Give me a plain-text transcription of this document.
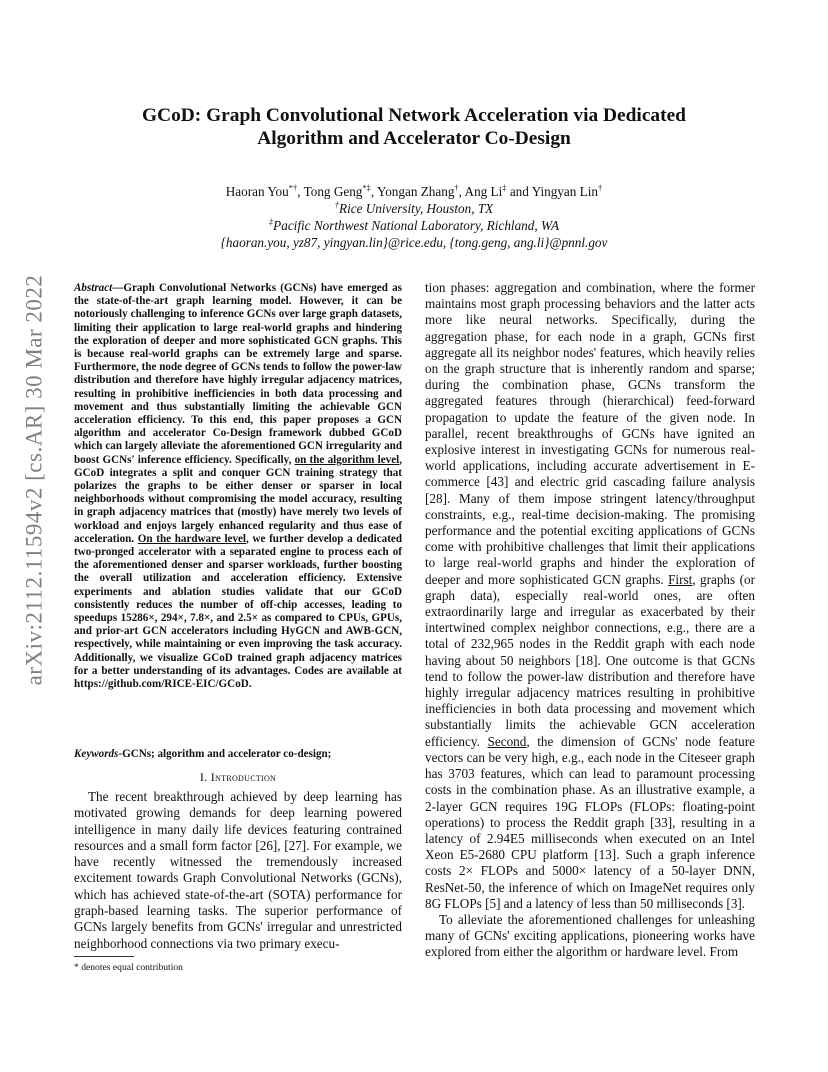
arXiv:2112.11594v2 [cs.AR] 30 Mar 2022
GCoD: Graph Convolutional Network Acceleration via Dedicated
Algorithm and Accelerator Co-Design
Haoran You*†, Tong Geng*‡, Yongan Zhang†, Ang Li‡ and Yingyan Lin†
†Rice University, Houston, TX
‡Pacific Northwest National Laboratory, Richland, WA
{haoran.you, yz87, yingyan.lin}@rice.edu, {tong.geng, ang.li}@pnnl.gov
Abstract—Graph Convolutional Networks (GCNs) have emerged as the state-of-the-art graph learning model. However, it can be notoriously challenging to inference GCNs over large graph datasets, limiting their application to large real-world graphs and hindering the exploration of deeper and more sophisticated GCN graphs. This is because real-world graphs can be extremely large and sparse. Furthermore, the node degree of GCNs tends to follow the power-law distribution and therefore have highly irregular adjacency matrices, resulting in prohibitive inefficiencies in both data processing and movement and thus substantially limiting the achievable GCN acceleration efficiency. To this end, this paper proposes a GCN algorithm and accelerator Co-Design framework dubbed GCoD which can largely alleviate the aforementioned GCN irregularity and boost GCNs' inference efficiency. Specifically, on the algorithm level, GCoD integrates a split and conquer GCN training strategy that polarizes the graphs to be either denser or sparser in local neighborhoods without compromising the model accuracy, resulting in graph adjacency matrices that (mostly) have merely two levels of workload and enjoys largely enhanced regularity and thus ease of acceleration. On the hardware level, we further develop a dedicated two-pronged accelerator with a separated engine to process each of the aforementioned denser and sparser workloads, further boosting the overall utilization and acceleration efficiency. Extensive experiments and ablation studies validate that our GCoD consistently reduces the number of off-chip accesses, leading to speedups 15286×, 294×, 7.8×, and 2.5× as compared to CPUs, GPUs, and prior-art GCN accelerators including HyGCN and AWB-GCN, respectively, while maintaining or even improving the task accuracy. Additionally, we visualize GCoD trained graph adjacency matrices for a better understanding of its advantages. Codes are available at https://github.com/RICE-EIC/GCoD.
Keywords-GCNs; algorithm and accelerator co-design;
I. Introduction
The recent breakthrough achieved by deep learning has motivated growing demands for deep learning powered intelligence in many daily life devices featuring contrained resources and a small form factor [26], [27]. For example, we have recently witnessed the tremendously increased excitement towards Graph Convolutional Networks (GCNs), which has achieved state-of-the-art (SOTA) performance for graph-based learning tasks. The superior performance of GCNs largely benefits from GCNs' irregular and unrestricted neighborhood connections via two primary execu-
* denotes equal contribution

tion phases: aggregation and combination, where the former maintains most graph processing behaviors and the latter acts more like neural networks. Specifically, during the aggregation phase, for each node in a graph, GCNs first aggregate all its neighbor nodes' features, which heavily relies on the graph structure that is inherently random and sparse; during the combination phase, GCNs transform the aggregated features through (hierarchical) feed-forward propagation to update the feature of the given node. In parallel, recent breakthroughs of GCNs have ignited an explosive interest in investigating GCNs for numerous real-world applications, including accurate advertisement in E-commerce [43] and electric grid cascading failure analysis [28]. Many of them impose stringent latency/throughput constraints, e.g., real-time decision-making. The promising performance and the potential exciting applications of GCNs come with prohibitive challenges that limit their applications to large real-world graphs and hinder the exploration of deeper and more sophisticated GCN graphs. First, graphs (or graph data), especially real-world ones, are often extraordinarily large and irregular as exacerbated by their intertwined complex neighbor connections, e.g., there are a total of 232,965 nodes in the Reddit graph with each node having about 50 neighbors [18]. One outcome is that GCNs tend to follow the power-law distribution and therefore have highly irregular adjacency matrices resulting in prohibitive inefficiencies in both data processing and movement which substantially limits the achievable GCN acceleration efficiency. Second, the dimension of GCNs' node feature vectors can be very high, e.g., each node in the Citeseer graph has 3703 features, which can lead to paramount processing costs in the combination phase. As an illustrative example, a 2-layer GCN requires 19G FLOPs (FLOPs: floating-point operations) to process the Reddit graph [33], resulting in a latency of 2.94E5 milliseconds when executed on an Intel Xeon E5-2680 CPU platform [13]. Such a graph inference costs 2× FLOPs and 5000× latency of a 50-layer DNN, ResNet-50, the inference of which on ImageNet requires only 8G FLOPs [5] and a latency of less than 50 milliseconds [3].

To alleviate the aforementioned challenges for unleashing many of GCNs' exciting applications, pioneering works have explored from either the algorithm or hardware level. From
